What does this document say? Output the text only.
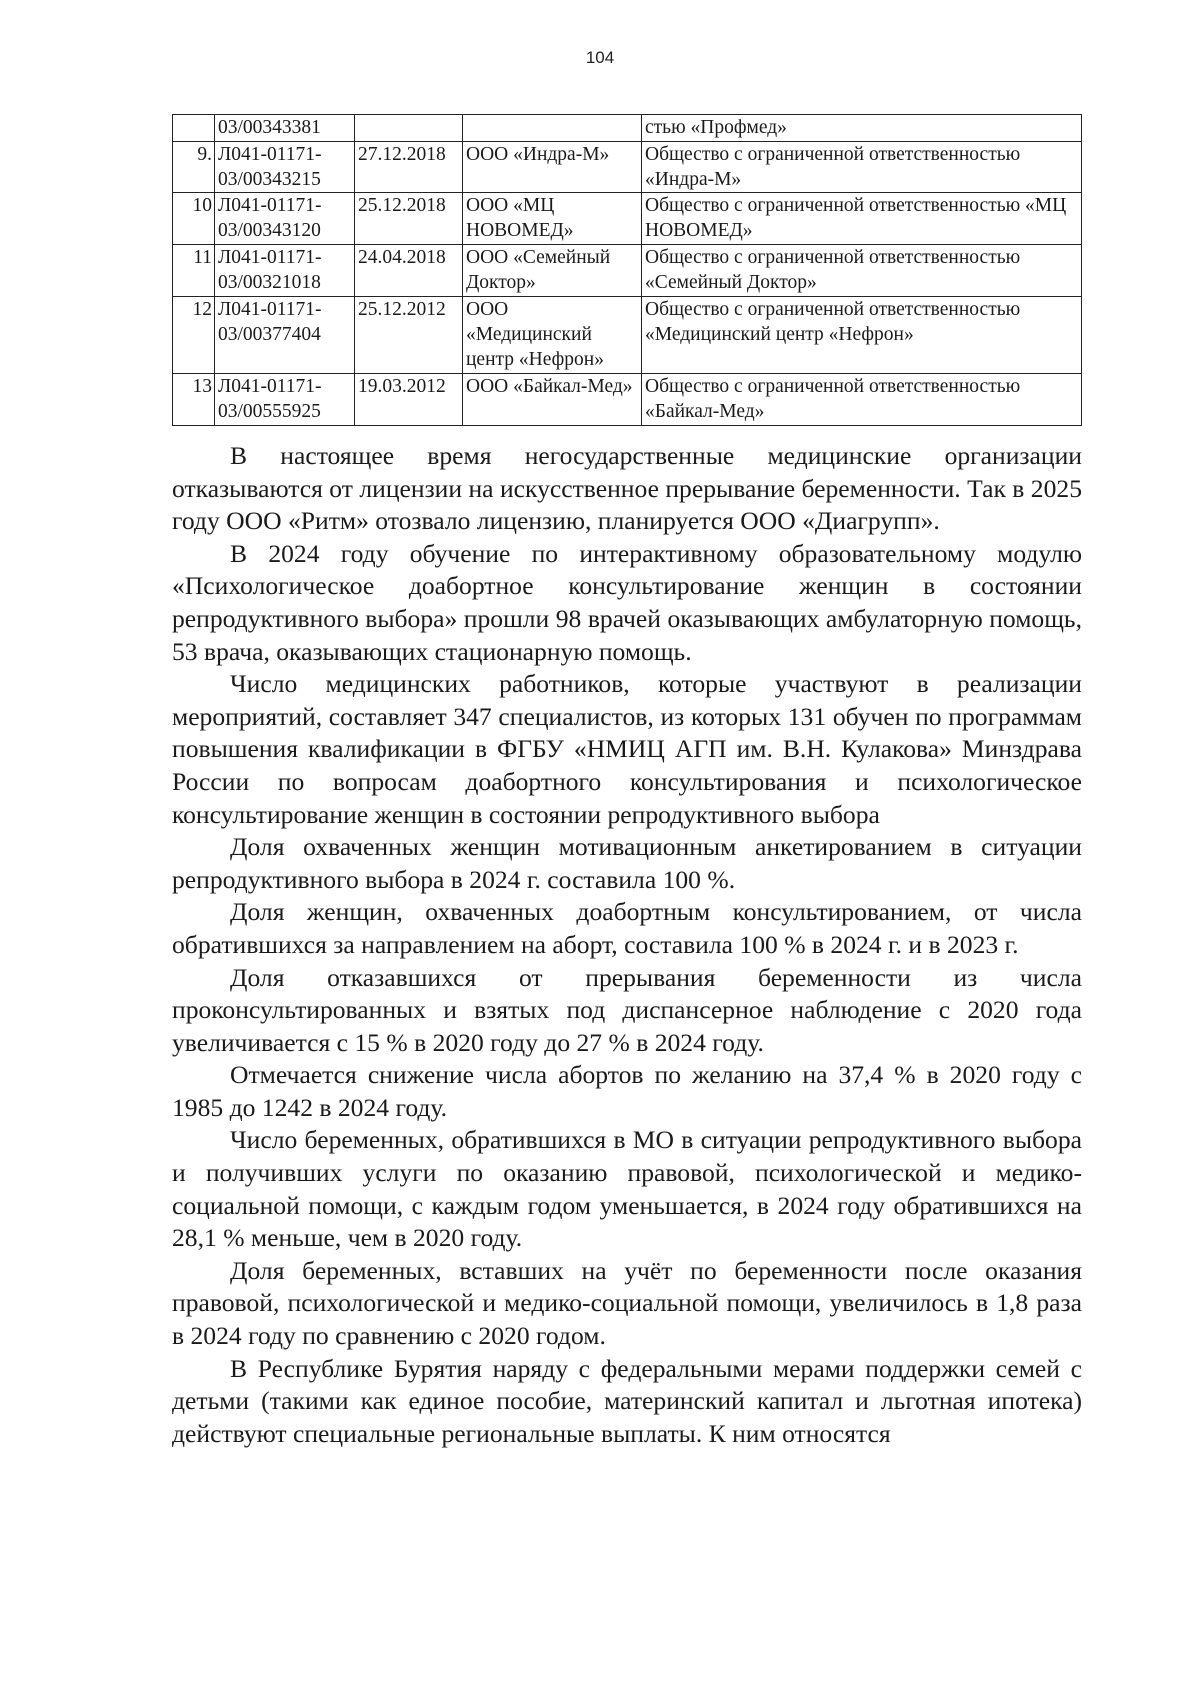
104
	03/00343381			стью «Профмед»
9.	Л041-01171-03/00343215	27.12.2018	ООО «Индра-М»	Общество с ограниченной ответственностью «Индра-М»
10	Л041-01171-03/00343120	25.12.2018	ООО «МЦ НОВОМЕД»	Общество с ограниченной ответственностью «МЦ НОВОМЕД»
11	Л041-01171-03/00321018	24.04.2018	ООО «Семейный Доктор»	Общество с ограниченной ответственностью «Семейный Доктор»
12	Л041-01171-03/00377404	25.12.2012	ООО «Медицинский центр «Нефрон»	Общество с ограниченной ответственностью «Медицинский центр «Нефрон»
13	Л041-01171-03/00555925	19.03.2012	ООО «Байкал-Мед»	Общество с ограниченной ответственностью «Байкал-Мед»

В настоящее время негосударственные медицинские организации отказываются от лицензии на искусственное прерывание беременности. Так в 2025 году ООО «Ритм» отозвало лицензию, планируется ООО «Диагрупп».

В 2024 году обучение по интерактивному образовательному модулю «Психологическое доабортное консультирование женщин в состоянии репродуктивного выбора» прошли 98 врачей оказывающих амбулаторную помощь, 53 врача, оказывающих стационарную помощь.

Число медицинских работников, которые участвуют в реализации мероприятий, составляет 347 специалистов, из которых 131 обучен по программам повышения квалификации в ФГБУ «НМИЦ АГП им. В.Н. Кулакова» Минздрава России по вопросам доабортного консультирования и психологическое консультирование женщин в состоянии репродуктивного выбора

Доля охваченных женщин мотивационным анкетированием в ситуации репродуктивного выбора в 2024 г. составила 100 %.

Доля женщин, охваченных доабортным консультированием, от числа обратившихся за направлением на аборт, составила 100 % в 2024 г. и в 2023 г.

Доля отказавшихся от прерывания беременности из числа проконсультированных и взятых под диспансерное наблюдение с 2020 года увеличивается с 15 % в 2020 году до 27 % в 2024 году.

Отмечается снижение числа абортов по желанию на 37,4 % в 2020 году с 1985 до 1242 в 2024 году.

Число беременных, обратившихся в МО в ситуации репродуктивного выбора и получивших услуги по оказанию правовой, психологической и медико-социальной помощи, с каждым годом уменьшается, в 2024 году обратившихся на 28,1 % меньше, чем в 2020 году.

Доля беременных, вставших на учёт по беременности после оказания правовой, психологической и медико-социальной помощи, увеличилось в 1,8 раза в 2024 году по сравнению с 2020 годом.

В Республике Бурятия наряду с федеральными мерами поддержки семей с детьми (такими как единое пособие, материнский капитал и льготная ипотека) действуют специальные региональные выплаты. К ним относятся
